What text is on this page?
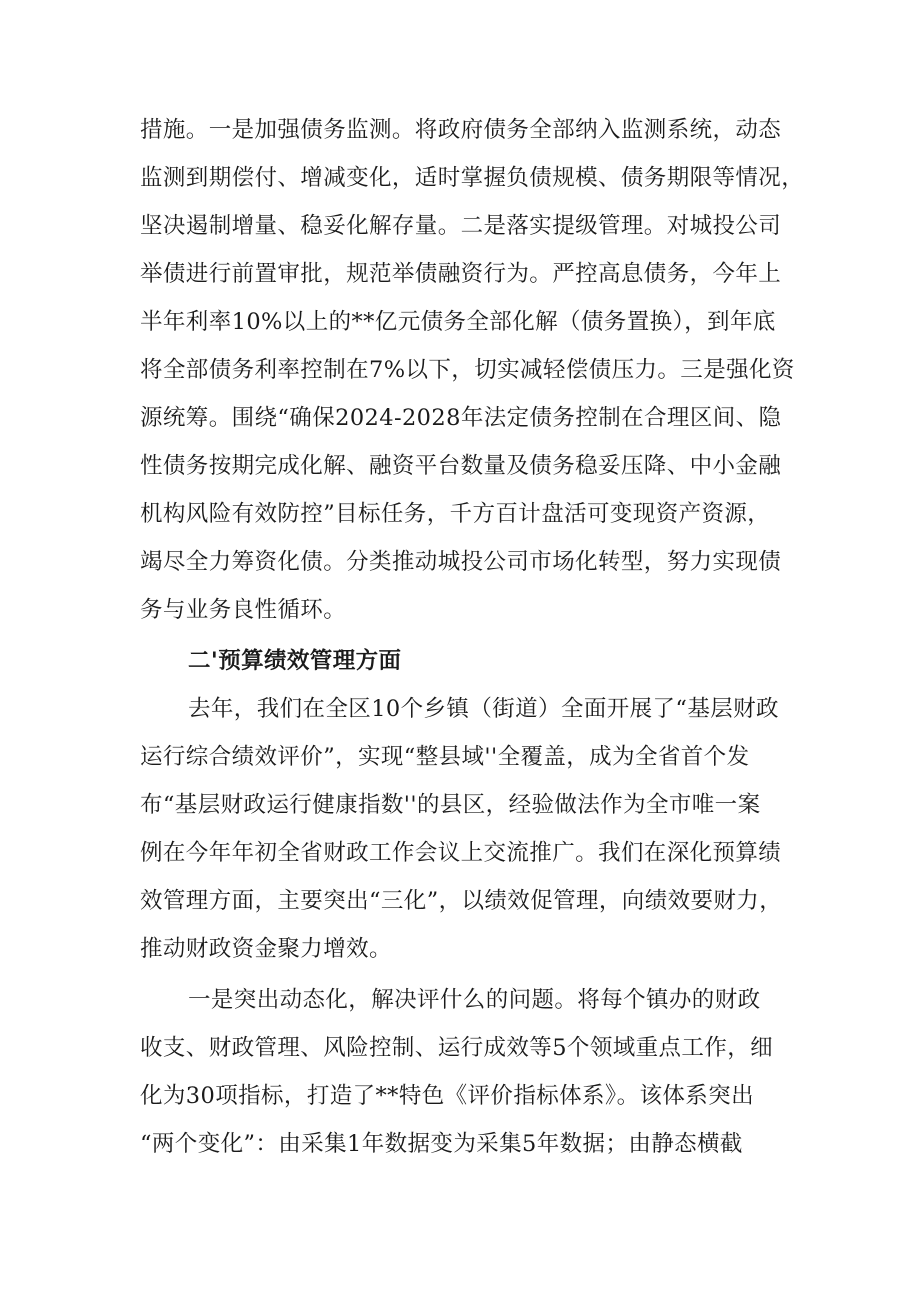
措施。一是加强债务监测。将政府债务全部纳入监测系统，动态
监测到期偿付、增减变化，适时掌握负债规模、债务期限等情况，
坚决遏制增量、稳妥化解存量。二是落实提级管理。对城投公司
举债进行前置审批，规范举债融资行为。严控高息债务，今年上
半年利率10%以上的**亿元债务全部化解（债务置换），到年底
将全部债务利率控制在7%以下，切实减轻偿债压力。三是强化资
源统筹。围绕“确保2024-2028年法定债务控制在合理区间、隐
性债务按期完成化解、融资平台数量及债务稳妥压降、中小金融
机构风险有效防控”目标任务，千方百计盘活可变现资产资源，
竭尽全力筹资化债。分类推动城投公司市场化转型，努力实现债
务与业务良性循环。
二'预算绩效管理方面
去年，我们在全区10个乡镇（街道）全面开展了“基层财政
运行综合绩效评价”，实现“整县域''全覆盖，成为全省首个发
布“基层财政运行健康指数''的县区，经验做法作为全市唯一案
例在今年年初全省财政工作会议上交流推广。我们在深化预算绩
效管理方面，主要突出“三化”，以绩效促管理，向绩效要财力，
推动财政资金聚力增效。
一是突出动态化，解决评什么的问题。将每个镇办的财政
收支、财政管理、风险控制、运行成效等5个领域重点工作，细
化为30项指标，打造了**特色《评价指标体系》。该体系突出
“两个变化”：由采集1年数据变为采集5年数据；由静态横截
